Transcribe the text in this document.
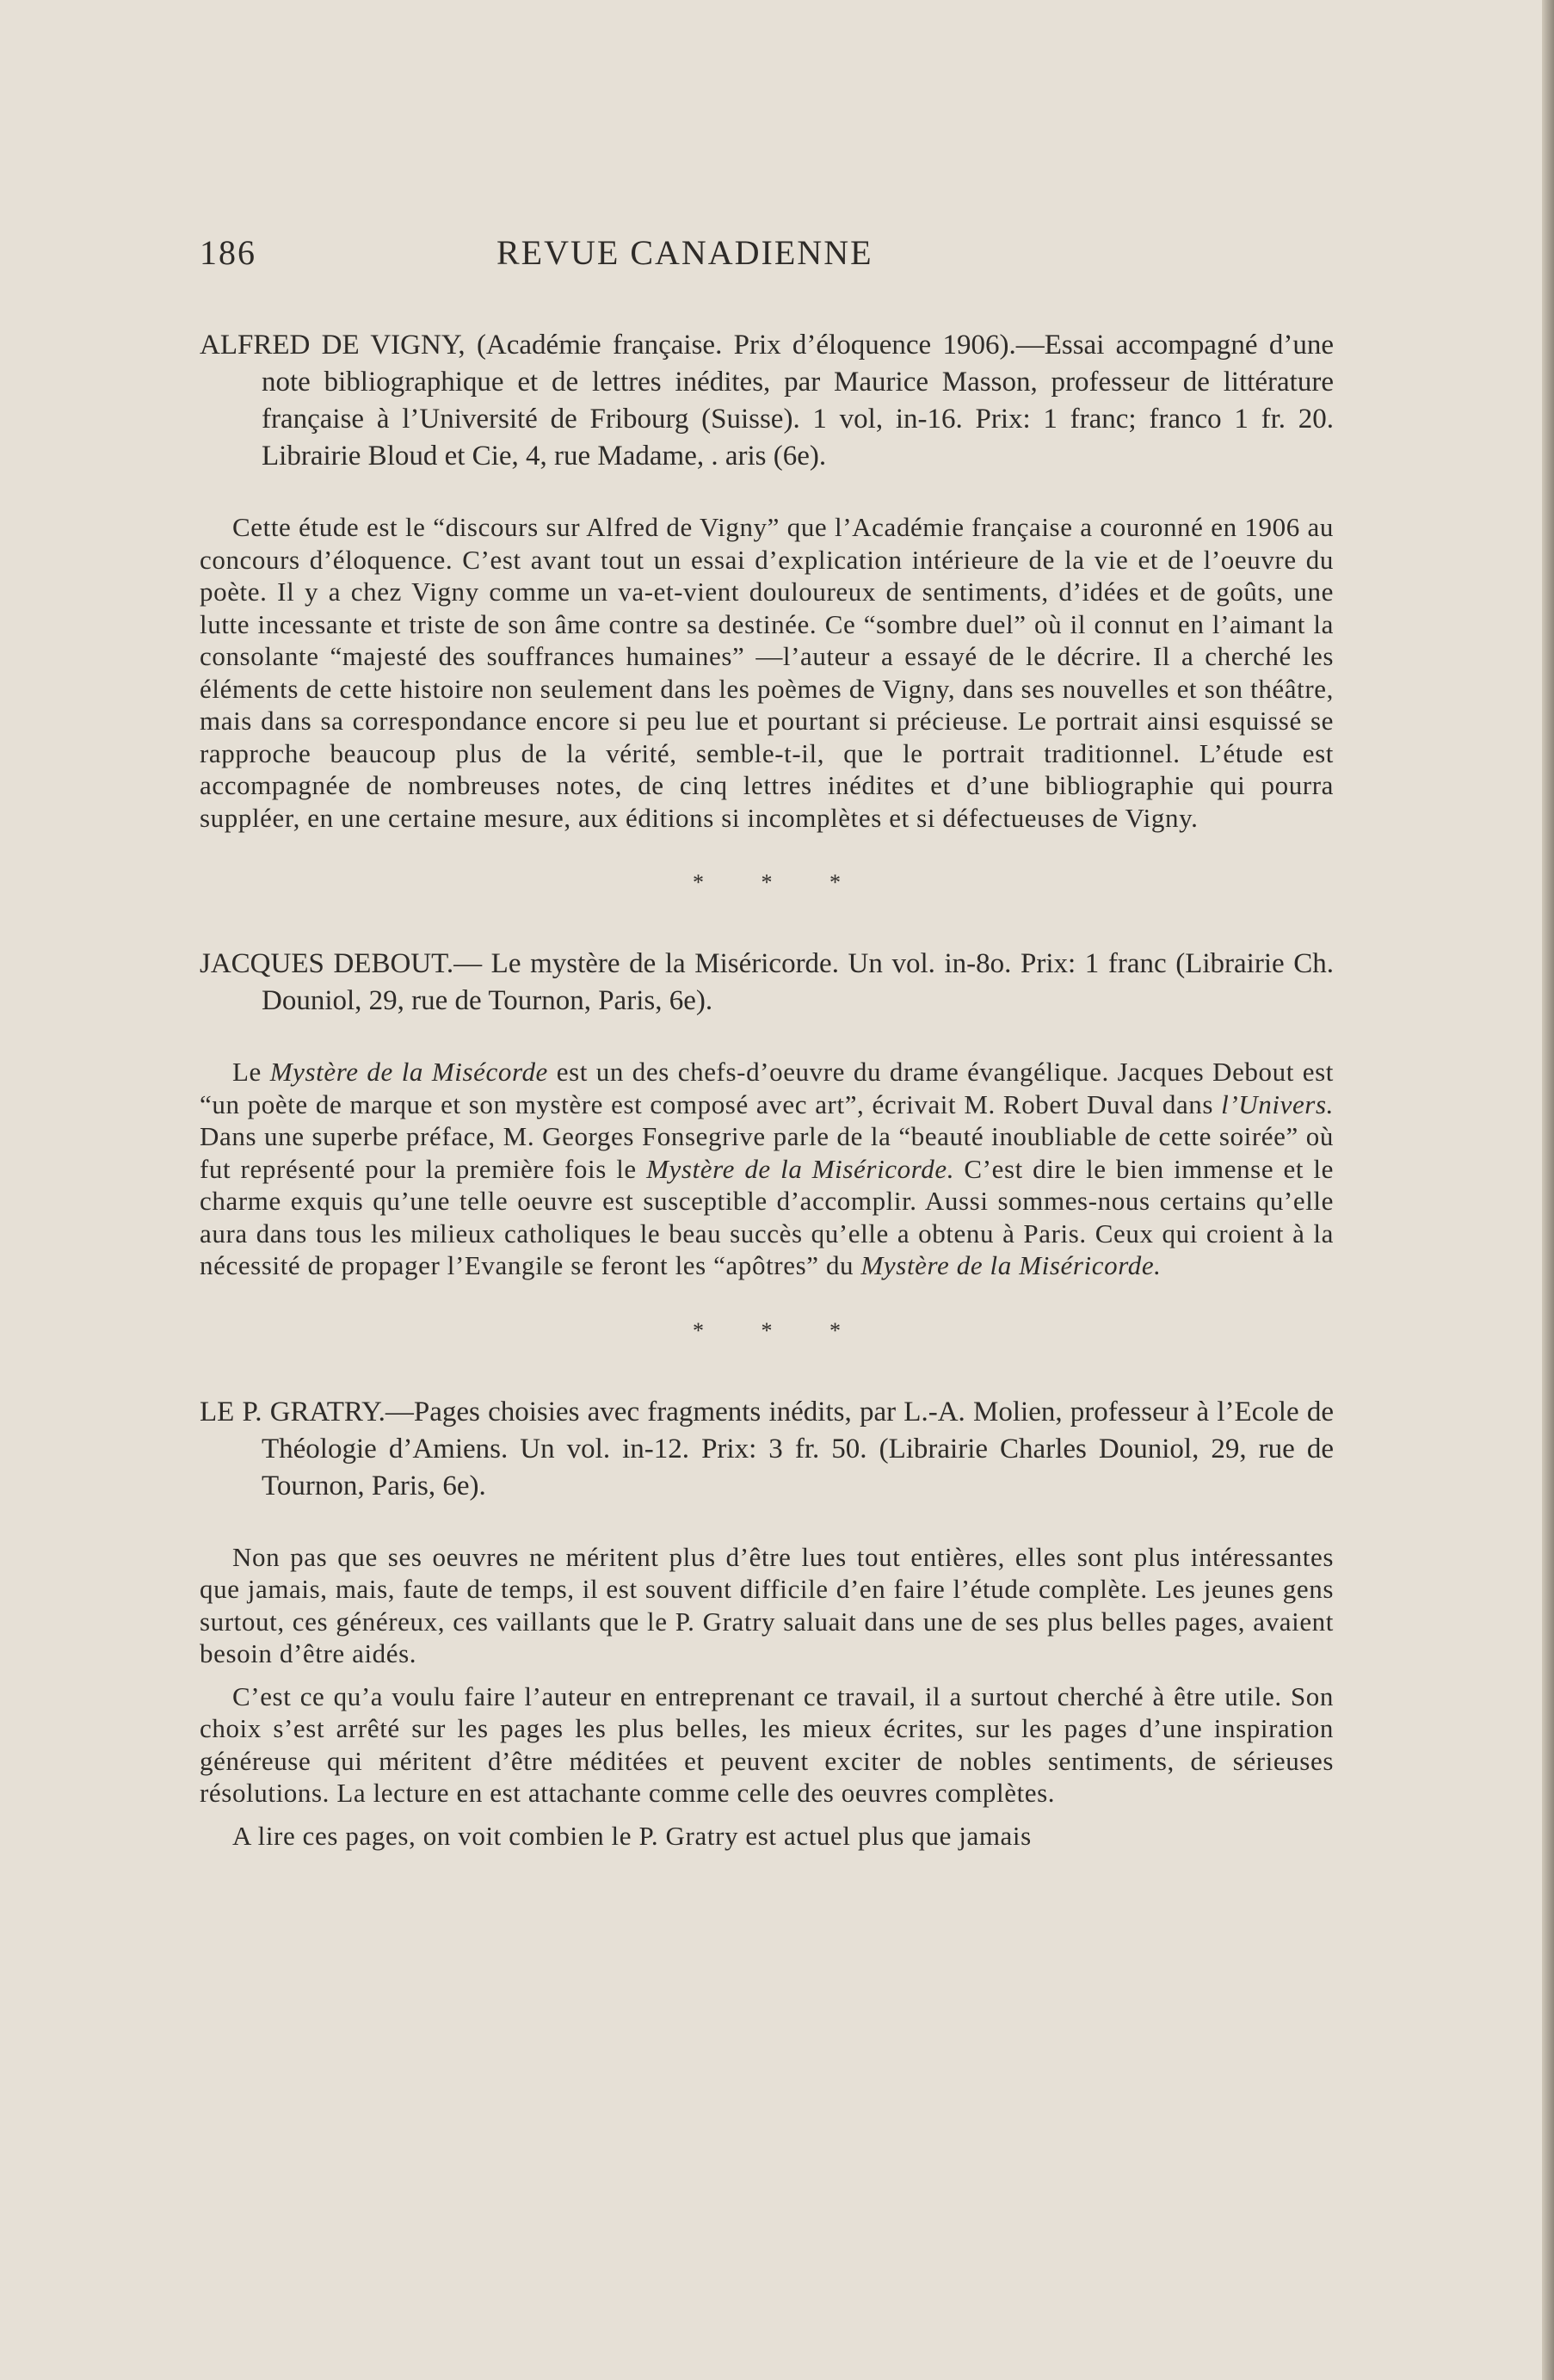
186	REVUE CANADIENNE
ALFRED DE VIGNY, (Académie française. Prix d’éloquence 1906).—Essai accompagné d’une note bibliographique et de lettres inédites, par Maurice Masson, professeur de littérature française à l’Université de Fribourg (Suisse). 1 vol, in-16. Prix: 1 franc; franco 1 fr. 20. Librairie Bloud et Cie, 4, rue Madame, . aris (6e).

Cette étude est le “discours sur Alfred de Vigny” que l’Académie française a couronné en 1906 au concours d’éloquence. C’est avant tout un essai d’explication intérieure de la vie et de l’oeuvre du poète. Il y a chez Vigny comme un va-et-vient douloureux de sentiments, d’idées et de goûts, une lutte incessante et triste de son âme contre sa destinée. Ce “sombre duel” où il connut en l’aimant la consolante “majesté des souffrances humaines” —l’auteur a essayé de le décrire. Il a cherché les éléments de cette histoire non seulement dans les poèmes de Vigny, dans ses nouvelles et son théâtre, mais dans sa correspondance encore si peu lue et pourtant si précieuse. Le portrait ainsi esquissé se rapproche beaucoup plus de la vérité, semble-t-il, que le portrait traditionnel. L’étude est accompagnée de nombreuses notes, de cinq lettres inédites et d’une bibliographie qui pourra suppléer, en une certaine mesure, aux éditions si incomplètes et si défectueuses de Vigny.

* * *
JACQUES DEBOUT.— Le mystère de la Miséricorde. Un vol. in-8o. Prix: 1 franc (Librairie Ch. Douniol, 29, rue de Tournon, Paris, 6e).

Le Mystère de la Misécorde est un des chefs-d’oeuvre du drame évangélique. Jacques Debout est “un poète de marque et son mystère est composé avec art”, écrivait M. Robert Duval dans l’Univers. Dans une superbe préface, M. Georges Fonsegrive parle de la “beauté inoubliable de cette soirée” où fut représenté pour la première fois le Mystère de la Miséricorde. C’est dire le bien immense et le charme exquis qu’une telle oeuvre est susceptible d’accomplir. Aussi sommes-nous certains qu’elle aura dans tous les milieux catholiques le beau succès qu’elle a obtenu à Paris. Ceux qui croient à la nécessité de propager l’Evangile se feront les “apôtres” du Mystère de la Miséricorde.

* * *
LE P. GRATRY.—Pages choisies avec fragments inédits, par L.-A. Molien, professeur à l’Ecole de Théologie d’Amiens. Un vol. in-12. Prix: 3 fr. 50. (Librairie Charles Douniol, 29, rue de Tournon, Paris, 6e).

Non pas que ses oeuvres ne méritent plus d’être lues tout entières, elles sont plus intéressantes que jamais, mais, faute de temps, il est souvent difficile d’en faire l’étude complète. Les jeunes gens surtout, ces généreux, ces vaillants que le P. Gratry saluait dans une de ses plus belles pages, avaient besoin d’être aidés.

C’est ce qu’a voulu faire l’auteur en entreprenant ce travail, il a surtout cherché à être utile. Son choix s’est arrêté sur les pages les plus belles, les mieux écrites, sur les pages d’une inspiration généreuse qui méritent d’être méditées et peuvent exciter de nobles sentiments, de sérieuses résolutions. La lecture en est attachante comme celle des oeuvres complètes.

A lire ces pages, on voit combien le P. Gratry est actuel plus que jamais
